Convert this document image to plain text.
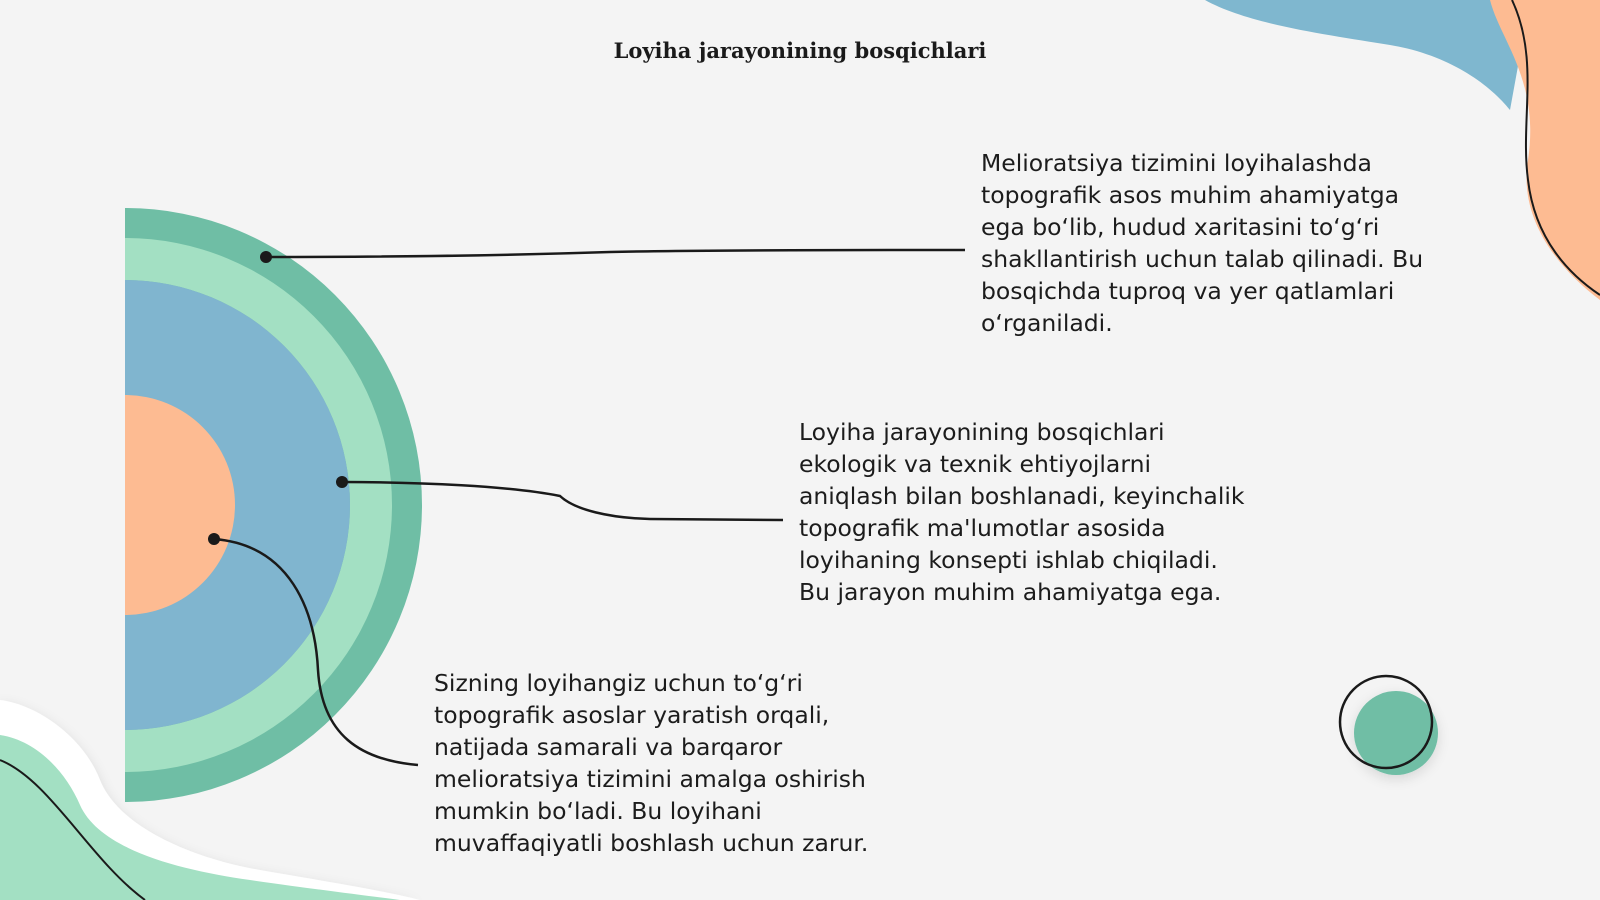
Loyiha jarayonining bosqichlari

Melioratsiya tizimini loyihalashda
topografik asos muhim ahamiyatga
ega bo‘lib, hudud xaritasini to‘g‘ri
shakllantirish uchun talab qilinadi. Bu
bosqichda tuproq va yer qatlamlari
o‘rganiladi.

Loyiha jarayonining bosqichlari
ekologik va texnik ehtiyojlarni
aniqlash bilan boshlanadi, keyinchalik
topografik ma'lumotlar asosida
loyihaning konsepti ishlab chiqiladi.
Bu jarayon muhim ahamiyatga ega.

Sizning loyihangiz uchun to‘g‘ri
topografik asoslar yaratish orqali,
natijada samarali va barqaror
melioratsiya tizimini amalga oshirish
mumkin bo‘ladi. Bu loyihani
muvaffaqiyatli boshlash uchun zarur.
